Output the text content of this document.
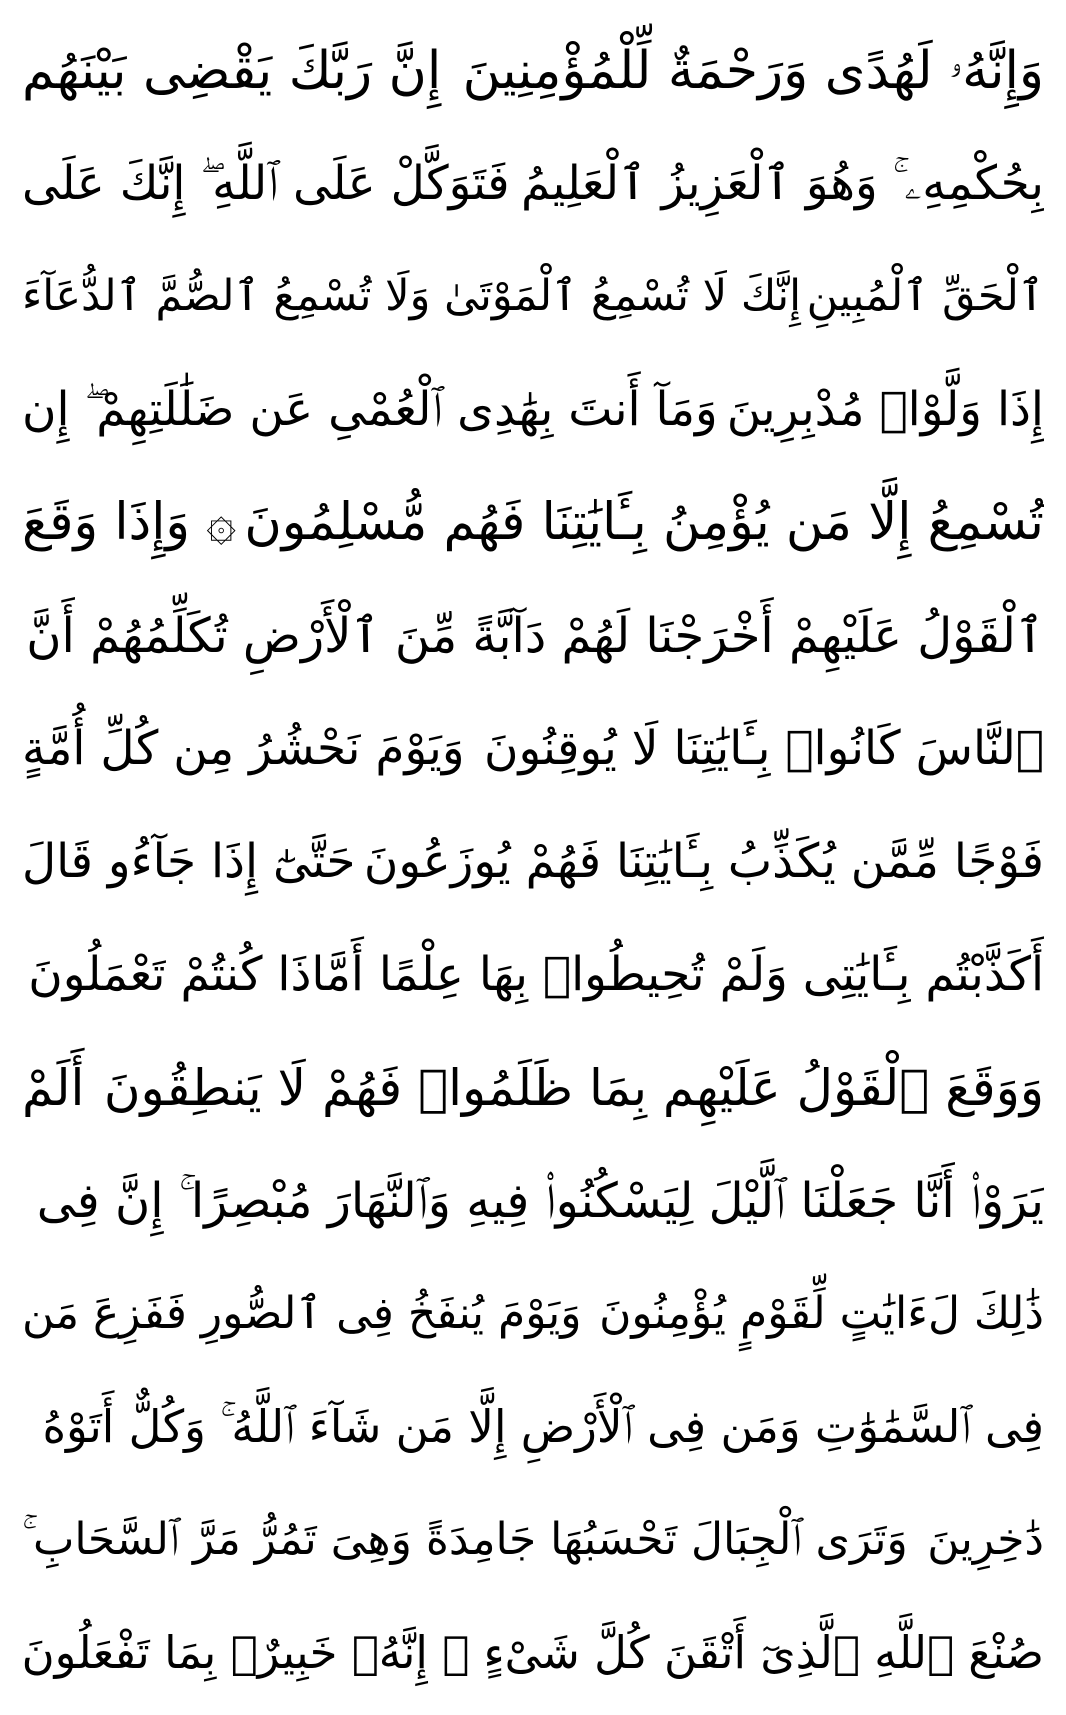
وَإِنَّهُۥ لَهُدًى وَرَحْمَةٌ لِّلْمُؤْمِنِينَ
إِنَّ رَبَّكَ يَقْضِى بَيْنَهُم
بِحُكْمِهِۦ ۚ وَهُوَ ٱلْعَزِيزُ ٱلْعَلِيمُ
فَتَوَكَّلْ عَلَى ٱللَّهِ ۖ إِنَّكَ عَلَى
ٱلْحَقِّ ٱلْمُبِينِ
إِنَّكَ لَا تُسْمِعُ ٱلْمَوْتَىٰ وَلَا تُسْمِعُ ٱلصُّمَّ ٱلدُّعَآءَ
إِذَا وَلَّوْا۟ مُدْبِرِينَ
وَمَآ أَنتَ بِهَٰدِى ٱلْعُمْىِ عَن ضَلَٰلَتِهِمْ ۖ إِن
تُسْمِعُ إِلَّا مَن يُؤْمِنُ بِـَٔايَٰتِنَا فَهُم مُّسْلِمُونَ
۞ وَإِذَا وَقَعَ
ٱلْقَوْلُ عَلَيْهِمْ أَخْرَجْنَا لَهُمْ دَآبَّةً مِّنَ ٱلْأَرْضِ تُكَلِّمُهُمْ أَنَّ
ٱلنَّاسَ كَانُوا۟ بِـَٔايَٰتِنَا لَا يُوقِنُونَ
وَيَوْمَ نَحْشُرُ مِن كُلِّ أُمَّةٍ
فَوْجًا مِّمَّن يُكَذِّبُ بِـَٔايَٰتِنَا فَهُمْ يُوزَعُونَ
حَتَّىٰٓ إِذَا جَآءُو قَالَ
أَكَذَّبْتُم بِـَٔايَٰتِى وَلَمْ تُحِيطُوا۟ بِهَا عِلْمًا أَمَّاذَا كُنتُمْ تَعْمَلُونَ
وَوَقَعَ ٱلْقَوْلُ عَلَيْهِم بِمَا ظَلَمُوا۟ فَهُمْ لَا يَنطِقُونَ
أَلَمْ
يَرَوْا۟ أَنَّا جَعَلْنَا ٱلَّيْلَ لِيَسْكُنُوا۟ فِيهِ وَٱلنَّهَارَ مُبْصِرًا ۚ إِنَّ فِى
ذَٰلِكَ لَءَايَٰتٍ لِّقَوْمٍ يُؤْمِنُونَ
وَيَوْمَ يُنفَخُ فِى ٱلصُّورِ فَفَزِعَ مَن
فِى ٱلسَّمَٰوَٰتِ وَمَن فِى ٱلْأَرْضِ إِلَّا مَن شَآءَ ٱللَّهُ ۚ وَكُلٌّ أَتَوْهُ
دَٰخِرِينَ
وَتَرَى ٱلْجِبَالَ تَحْسَبُهَا جَامِدَةً وَهِىَ تَمُرُّ مَرَّ ٱلسَّحَابِ ۚ
صُنْعَ ٱللَّهِ ٱلَّذِىٓ أَتْقَنَ كُلَّ شَىْءٍ ۚ إِنَّهُۥ خَبِيرٌۢ بِمَا تَفْعَلُونَ
